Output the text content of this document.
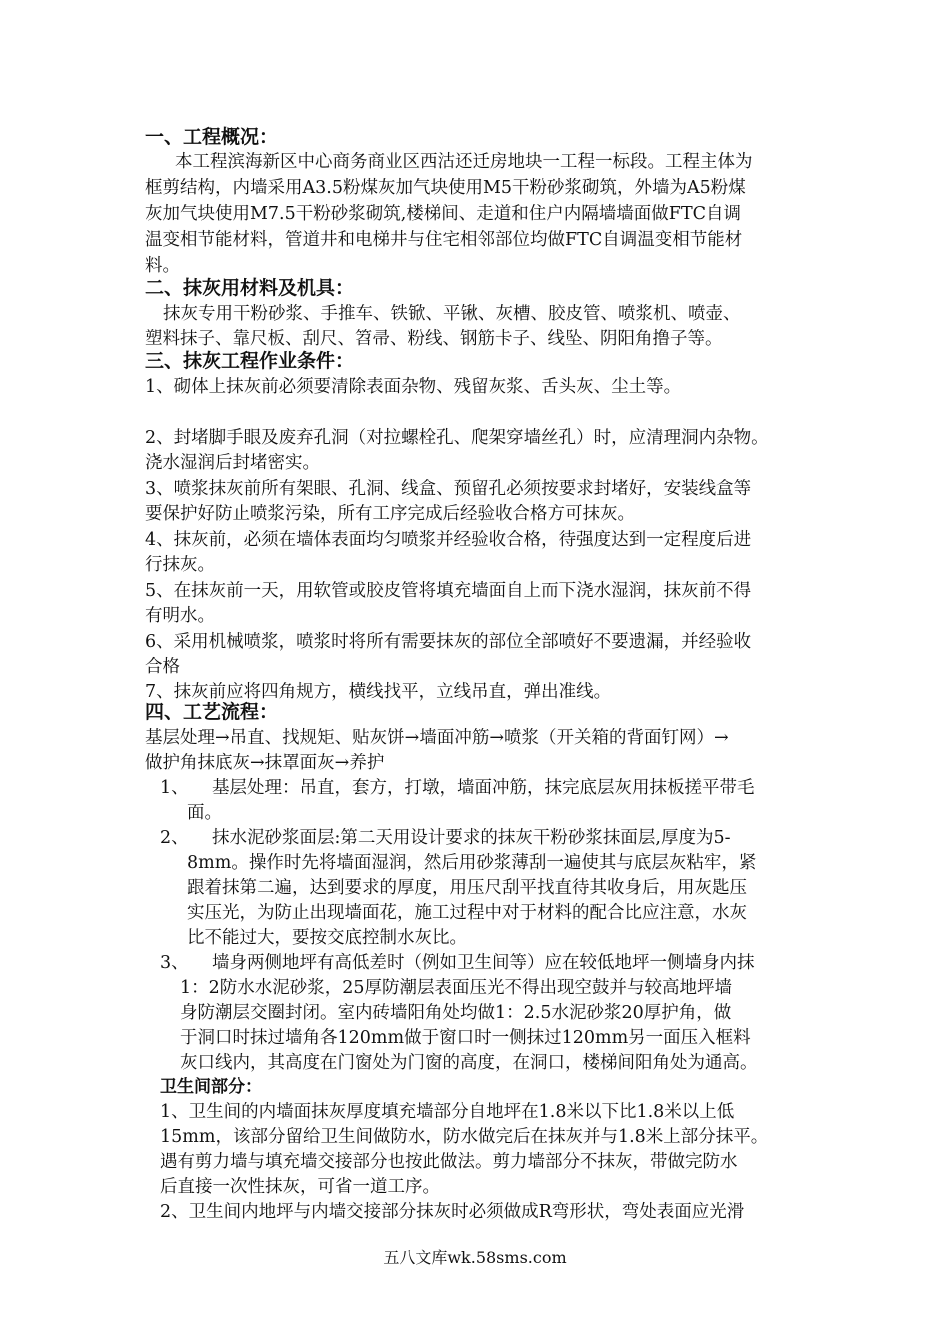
一、工程概况：
本工程滨海新区中心商务商业区西沽还迁房地块一工程一标段。工程主体为
框剪结构，内墙采用A3.5粉煤灰加气块使用M5干粉砂浆砌筑，外墙为A5粉煤
灰加气块使用M7.5干粉砂浆砌筑,楼梯间、走道和住户内隔墙墙面做FTC自调
温变相节能材料，管道井和电梯井与住宅相邻部位均做FTC自调温变相节能材
料。
二、抹灰用材料及机具：
抹灰专用干粉砂浆、手推车、铁锨、平锹、灰槽、胶皮管、喷浆机、喷壶、
塑料抹子、靠尺板、刮尺、笤帚、粉线、钢筋卡子、线坠、阴阳角撸子等。
三、抹灰工程作业条件：
1、砌体上抹灰前必须要清除表面杂物、残留灰浆、舌头灰、尘土等。
2、封堵脚手眼及废弃孔洞（对拉螺栓孔、爬架穿墙丝孔）时，应清理洞内杂物。
浇水湿润后封堵密实。
3、喷浆抹灰前所有架眼、孔洞、线盒、预留孔必须按要求封堵好，安装线盒等
要保护好防止喷浆污染，所有工序完成后经验收合格方可抹灰。
4、抹灰前，必须在墙体表面均匀喷浆并经验收合格，待强度达到一定程度后进
行抹灰。
5、在抹灰前一天，用软管或胶皮管将填充墙面自上而下浇水湿润，抹灰前不得
有明水。
6、采用机械喷浆，喷浆时将所有需要抹灰的部位全部喷好不要遗漏，并经验收
合格
7、抹灰前应将四角规方，横线找平，立线吊直，弹出准线。
四、工艺流程：
基层处理→吊直、找规矩、贴灰饼→墙面冲筋→喷浆（开关箱的背面钉网）→
做护角抹底灰→抹罩面灰→养护
1、 基层处理：吊直，套方，打墩，墙面冲筋，抹完底层灰用抹板搓平带毛
面。
2、 抹水泥砂浆面层:第二天用设计要求的抹灰干粉砂浆抹面层,厚度为5-
8mm。操作时先将墙面湿润，然后用砂浆薄刮一遍使其与底层灰粘牢，紧
跟着抹第二遍，达到要求的厚度，用压尺刮平找直待其收身后，用灰匙压
实压光，为防止出现墙面花，施工过程中对于材料的配合比应注意，水灰
比不能过大，要按交底控制水灰比。
3、 墙身两侧地坪有高低差时（例如卫生间等）应在较低地坪一侧墙身内抹
1：2防水水泥砂浆，25厚防潮层表面压光不得出现空鼓并与较高地坪墙
身防潮层交圈封闭。室内砖墙阳角处均做1：2.5水泥砂浆20厚护角，做
于洞口时抹过墙角各120mm做于窗口时一侧抹过120mm另一面压入框料
灰口线内，其高度在门窗处为门窗的高度，在洞口，楼梯间阳角处为通高。
卫生间部分：
1、卫生间的内墙面抹灰厚度填充墙部分自地坪在1.8米以下比1.8米以上低
15mm，该部分留给卫生间做防水，防水做完后在抹灰并与1.8米上部分抹平。
遇有剪力墙与填充墙交接部分也按此做法。剪力墙部分不抹灰，带做完防水
后直接一次性抹灰，可省一道工序。
2、卫生间内地坪与内墙交接部分抹灰时必须做成R弯形状，弯处表面应光滑
五八文库wk.58sms.com
